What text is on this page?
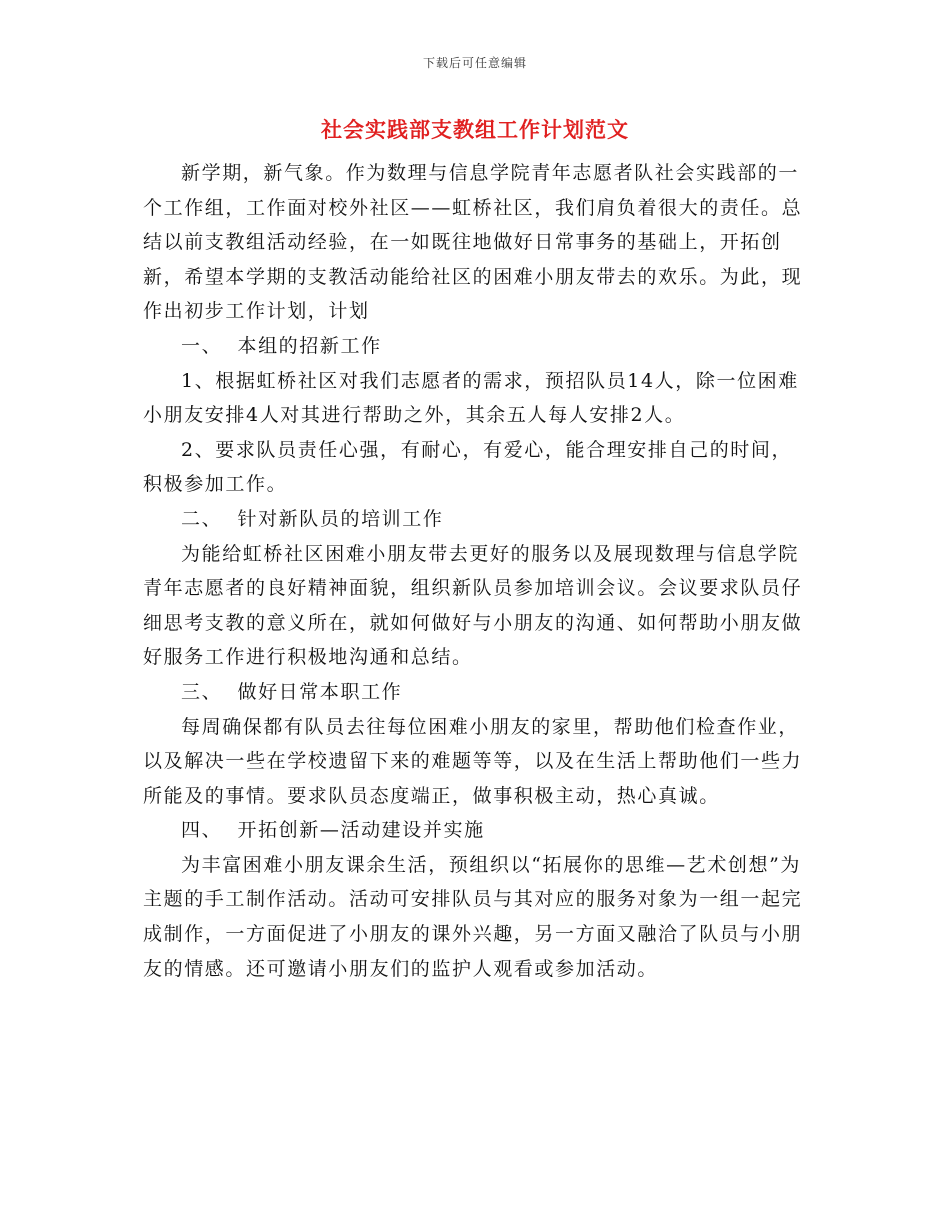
下载后可任意编辑
社会实践部支教组工作计划范文

新学期，新气象。作为数理与信息学院青年志愿者队社会实践部的一个工作组，工作面对校外社区——虹桥社区，我们肩负着很大的责任。总结以前支教组活动经验，在一如既往地做好日常事务的基础上，开拓创新，希望本学期的支教活动能给社区的困难小朋友带去的欢乐。为此，现作出初步工作计划，计划

一、  本组的招新工作

1、根据虹桥社区对我们志愿者的需求，预招队员14人，除一位困难小朋友安排4人对其进行帮助之外，其余五人每人安排2人。

2、要求队员责任心强，有耐心，有爱心，能合理安排自己的时间，积极参加工作。

二、  针对新队员的培训工作

为能给虹桥社区困难小朋友带去更好的服务以及展现数理与信息学院青年志愿者的良好精神面貌，组织新队员参加培训会议。会议要求队员仔细思考支教的意义所在，就如何做好与小朋友的沟通、如何帮助小朋友做好服务工作进行积极地沟通和总结。

三、  做好日常本职工作

每周确保都有队员去往每位困难小朋友的家里，帮助他们检查作业，以及解决一些在学校遗留下来的难题等等，以及在生活上帮助他们一些力所能及的事情。要求队员态度端正，做事积极主动，热心真诚。

四、  开拓创新—活动建设并实施

为丰富困难小朋友课余生活，预组织以“拓展你的思维—艺术创想”为主题的手工制作活动。活动可安排队员与其对应的服务对象为一组一起完成制作，一方面促进了小朋友的课外兴趣，另一方面又融洽了队员与小朋友的情感。还可邀请小朋友们的监护人观看或参加活动。
